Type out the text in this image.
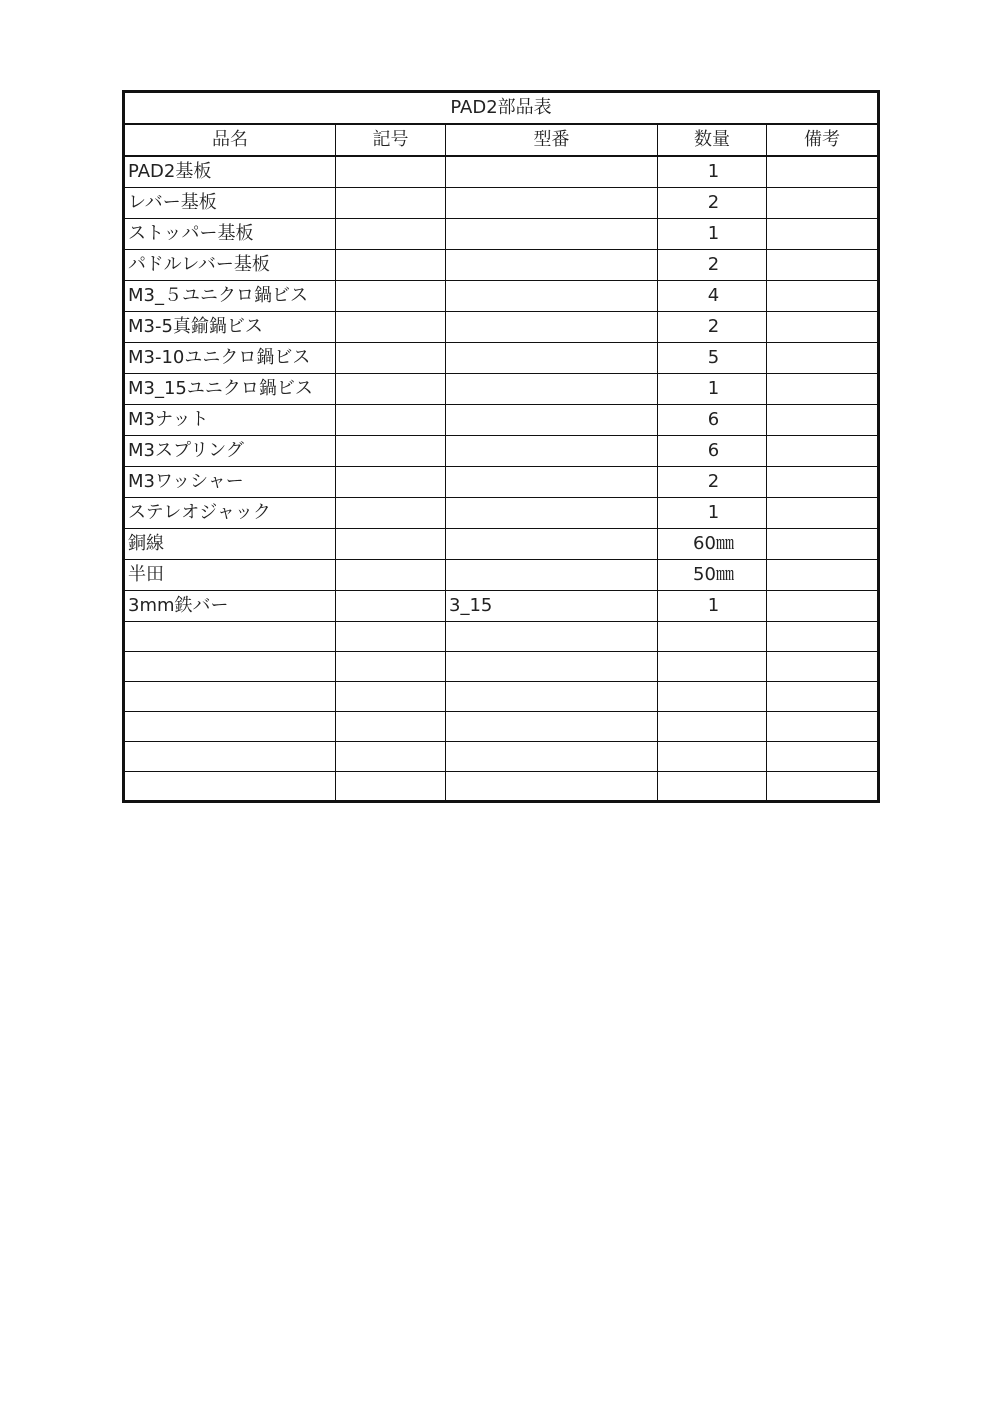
PAD2部品表				
品名	記号	型番	数量	備考
PAD2基板			1	
レバー基板			2	
ストッパー基板			1	
パドルレバー基板			2	
M3_５ユニクロ鍋ビス			4	
M3-5真鍮鍋ビス			2	
M3-10ユニクロ鍋ビス			5	
M3_15ユニクロ鍋ビス			1	
M3ナット			6	
M3スプリング			6	
M3ワッシャー			2	
ステレオジャック			1	
銅線			60㎜	
半田			50㎜	
3mm鉄バー		3_15	1	
